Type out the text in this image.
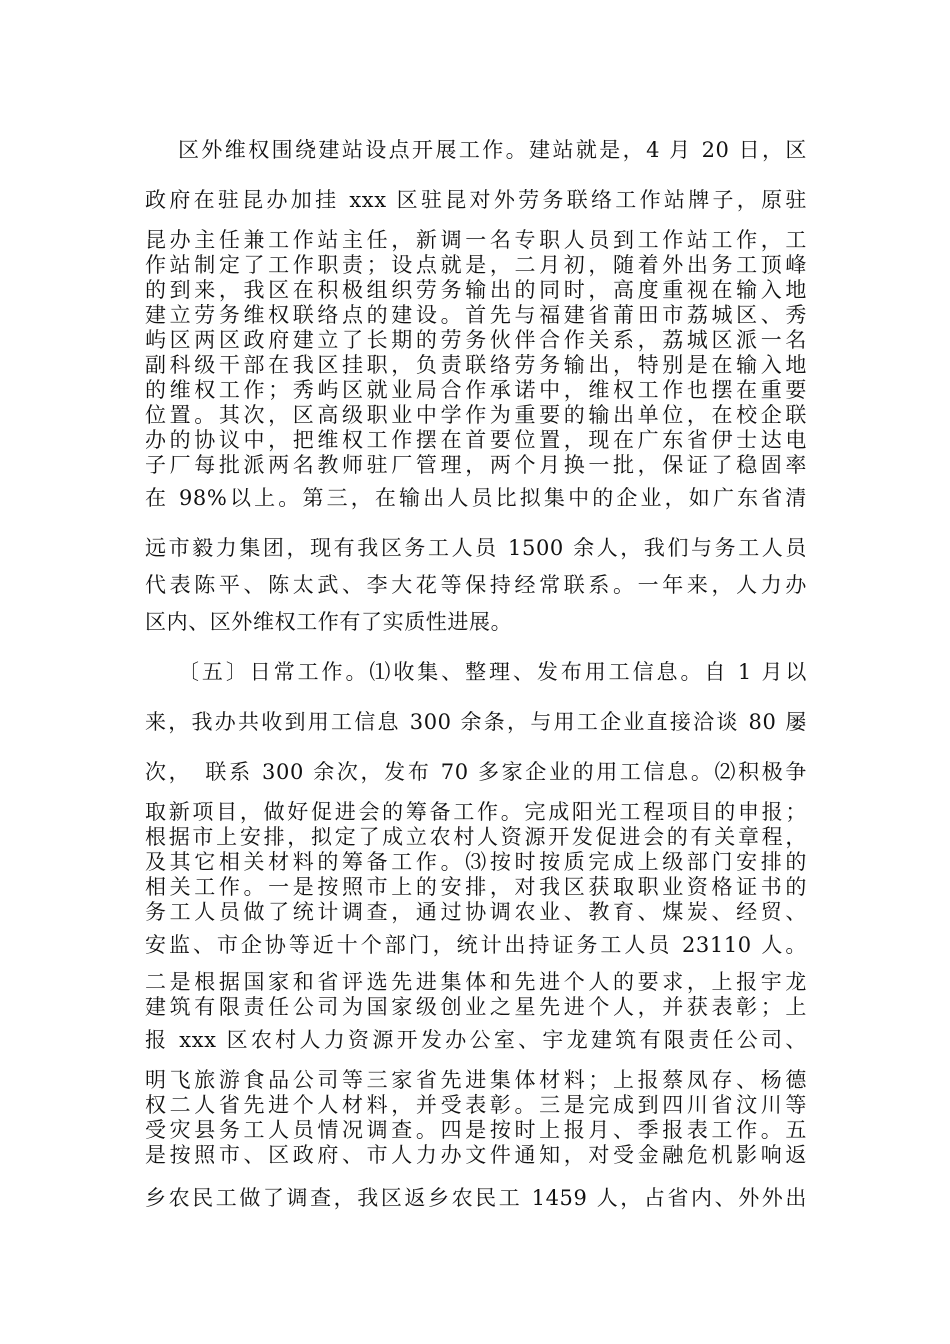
区外维权围绕建站设点开展工作。建站就是，4 月 20 日，区
政府在驻昆办加挂 xxx 区驻昆对外劳务联络工作站牌子，原驻
昆办主任兼工作站主任，新调一名专职人员到工作站工作，工
作站制定了工作职责；设点就是，二月初，随着外出务工顶峰
的到来，我区在积极组织劳务输出的同时，高度重视在输入地
建立劳务维权联络点的建设。首先与福建省莆田市荔城区、秀
屿区两区政府建立了长期的劳务伙伴合作关系，荔城区派一名
副科级干部在我区挂职，负责联络劳务输出，特别是在输入地
的维权工作；秀屿区就业局合作承诺中，维权工作也摆在重要
位置。其次，区高级职业中学作为重要的输出单位，在校企联
办的协议中，把维权工作摆在首要位置，现在广东省伊士达电
子厂每批派两名教师驻厂管理，两个月换一批，保证了稳固率
在 98%以上。第三，在输出人员比拟集中的企业，如广东省清
远市毅力集团，现有我区务工人员 1500 余人，我们与务工人员
代表陈平、陈太武、李大花等保持经常联系。一年来，人力办
区内、区外维权工作有了实质性进展。
〔五〕日常工作。⑴收集、整理、发布用工信息。自 1 月以
来，我办共收到用工信息 300 余条，与用工企业直接洽谈 80 屡
次，　联系 300 余次，发布 70 多家企业的用工信息。⑵积极争
取新项目，做好促进会的筹备工作。完成阳光工程项目的申报；
根据市上安排，拟定了成立农村人资源开发促进会的有关章程，
及其它相关材料的筹备工作。⑶按时按质完成上级部门安排的
相关工作。一是按照市上的安排，对我区获取职业资格证书的
务工人员做了统计调查，通过协调农业、教育、煤炭、经贸、
安监、市企协等近十个部门，统计出持证务工人员 23110 人。
二是根据国家和省评选先进集体和先进个人的要求，上报宇龙
建筑有限责任公司为国家级创业之星先进个人，并获表彰；上
报 xxx 区农村人力资源开发办公室、宇龙建筑有限责任公司、
明飞旅游食品公司等三家省先进集体材料；上报蔡凤存、杨德
权二人省先进个人材料，并受表彰。三是完成到四川省汶川等
受灾县务工人员情况调查。四是按时上报月、季报表工作。五
是按照市、区政府、市人力办文件通知，对受金融危机影响返
乡农民工做了调查，我区返乡农民工 1459 人，占省内、外外出
